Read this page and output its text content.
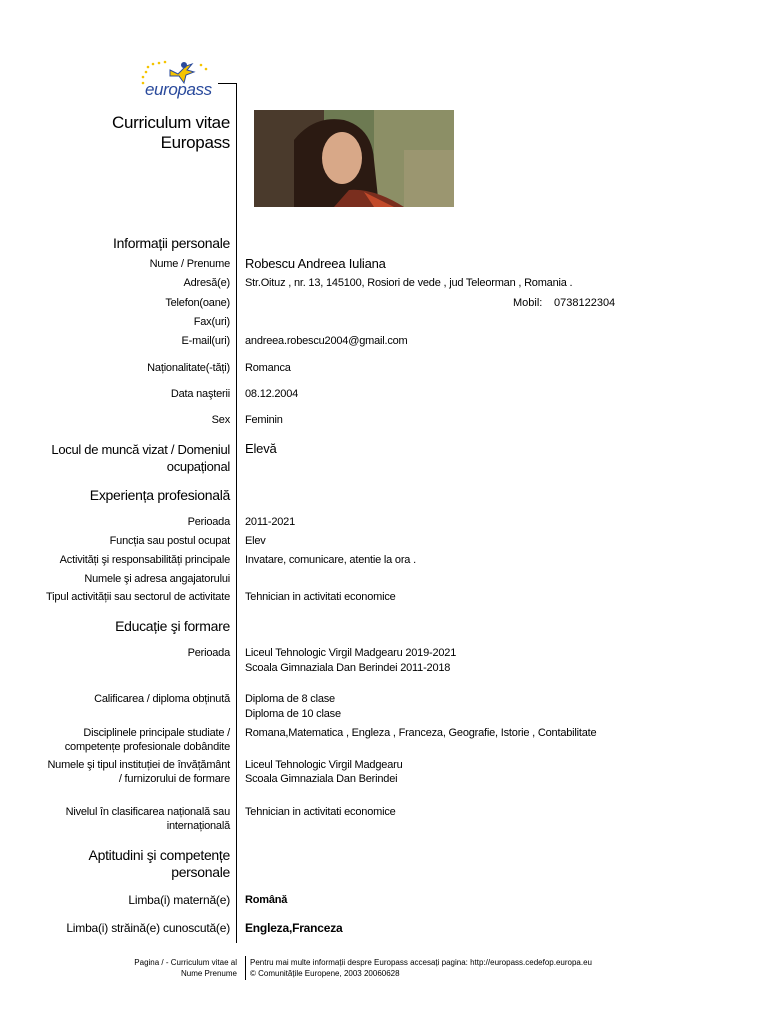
europass
Curriculum vitae
Europass
Informații personale
Nume / Prenume Robescu Andreea Iuliana
Adresă(e) Str.Oituz , nr. 13, 145100, Rosiori de vede , jud Teleorman , Romania .
Telefon(oane)	Mobil: 0738122304
Fax(uri)
E-mail(uri) andreea.robescu2004@gmail.com
Naționalitate(-tăți) Romanca
Data naşterii 08.12.2004
Sex Feminin
Locul de muncă vizat / Domeniul
ocupațional
Elevă
Experiența profesională
Perioada 2011-2021
Funcția sau postul ocupat Elev
Activități şi responsabilități principale Invatare, comunicare, atentie la ora .
Numele şi adresa angajatorului
Tipul activității sau sectorul de activitate Tehnician in activitati economice
Educație şi formare
Perioada Liceul Tehnologic Virgil Madgearu 2019-2021
Scoala Gimnaziala Dan Berindei 2011-2018
Calificarea / diploma obținută Diploma de 8 clase
Diploma de 10 clase
Disciplinele principale studiate /
competențe profesionale dobândite
Romana,Matematica , Engleza , Franceza, Geografie, Istorie , Contabilitate
Numele şi tipul instituției de învățământ
/ furnizorului de formare
Liceul Tehnologic Virgil Madgearu
Scoala Gimnaziala Dan Berindei
Nivelul în clasificarea națională sau
internațională
Tehnician in activitati economice
Aptitudini şi competențe
personale
Limba(i) maternă(e) Română
Limba(i) străină(e) cunoscută(e) Engleza,Franceza
Pagina / - Curriculum vitae al
Nume Prenume
Pentru mai multe informații despre Europass accesați pagina: http://europass.cedefop.europa.eu
© Comunitățile Europene, 2003 20060628
